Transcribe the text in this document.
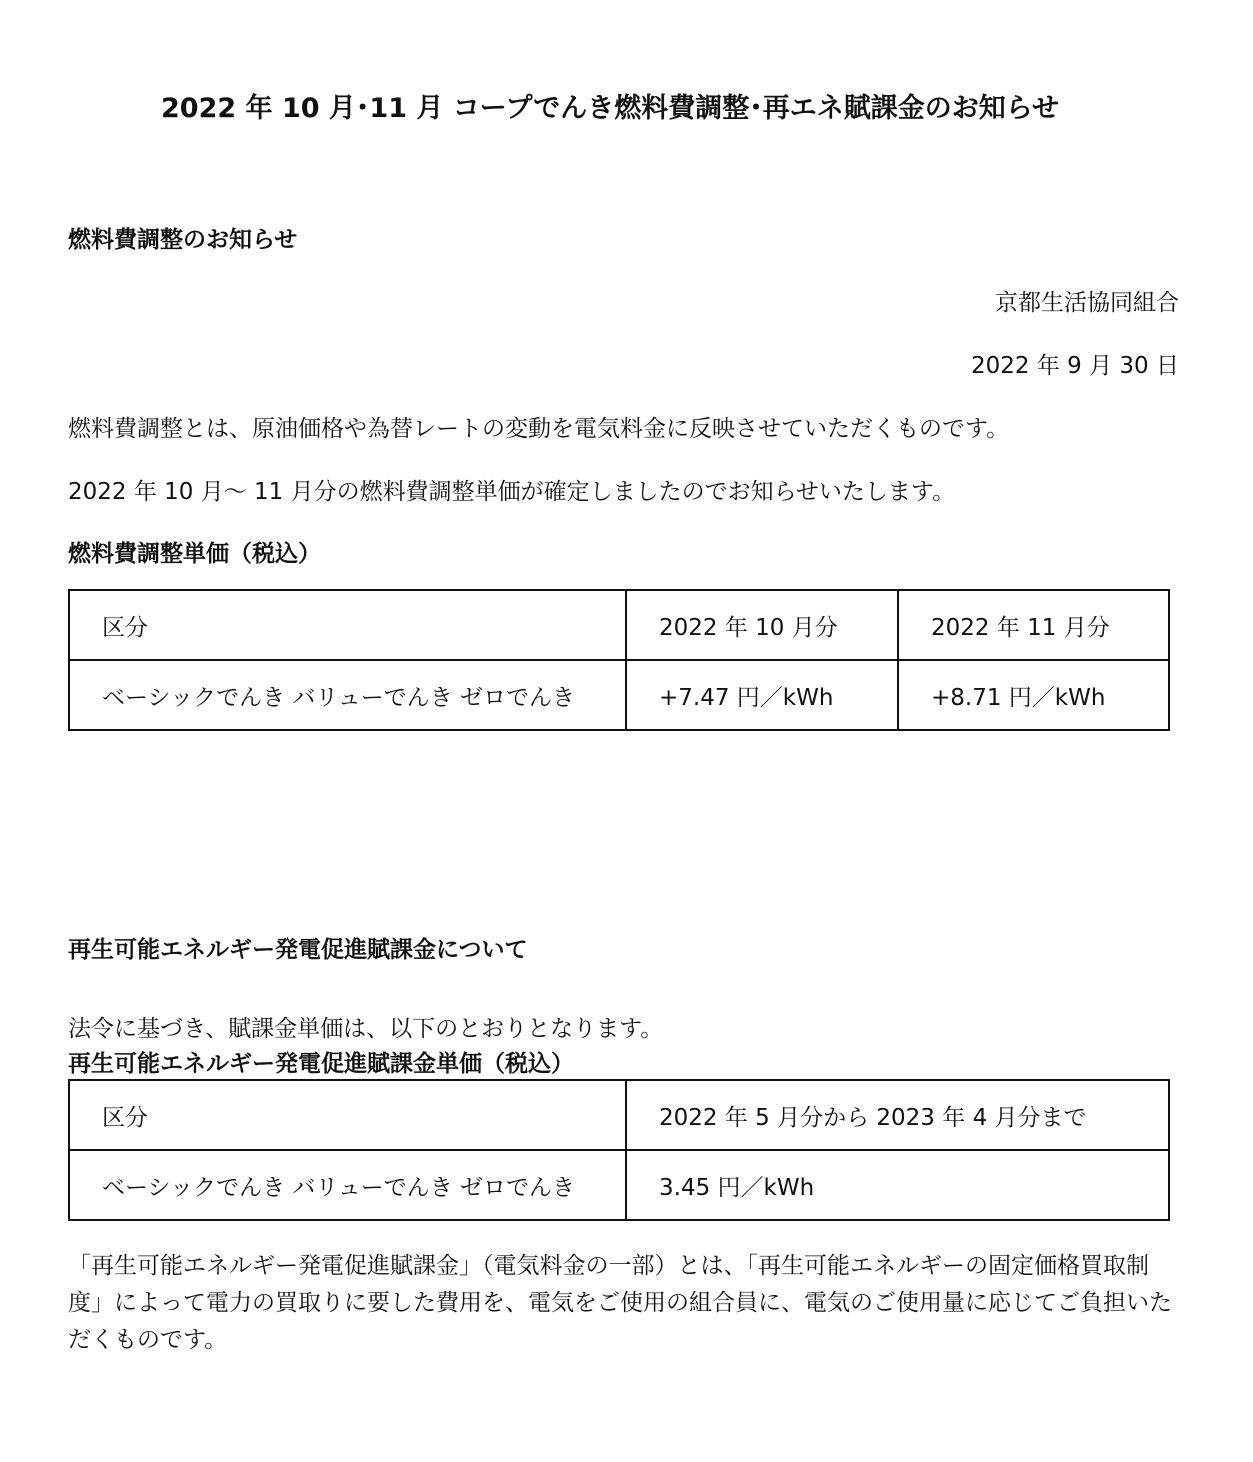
2022 年 10 月･11 月 コープでんき燃料費調整･再エネ賦課金のお知らせ
燃料費調整のお知らせ
京都生活協同組合
2022 年 9 月 30 日
燃料費調整とは、原油価格や為替レートの変動を電気料金に反映させていただくものです。
2022 年 10 月～ 11 月分の燃料費調整単価が確定しましたのでお知らせいたします。
燃料費調整単価（税込）
区分	2022 年 10 月分	2022 年 11 月分
ベーシックでんき バリューでんき ゼロでんき	+7.47 円／kWh	+8.71 円／kWh
再生可能エネルギー発電促進賦課金について
法令に基づき、賦課金単価は、以下のとおりとなります。
再生可能エネルギー発電促進賦課金単価（税込）
区分	2022 年 5 月分から 2023 年 4 月分まで
ベーシックでんき バリューでんき ゼロでんき	3.45 円／kWh
「再生可能エネルギー発電促進賦課金」（電気料金の一部）とは、「再生可能エネルギーの固定価格買取制度」によって電力の買取りに要した費用を、電気をご使用の組合員に、電気のご使用量に応じてご負担いただくものです。
